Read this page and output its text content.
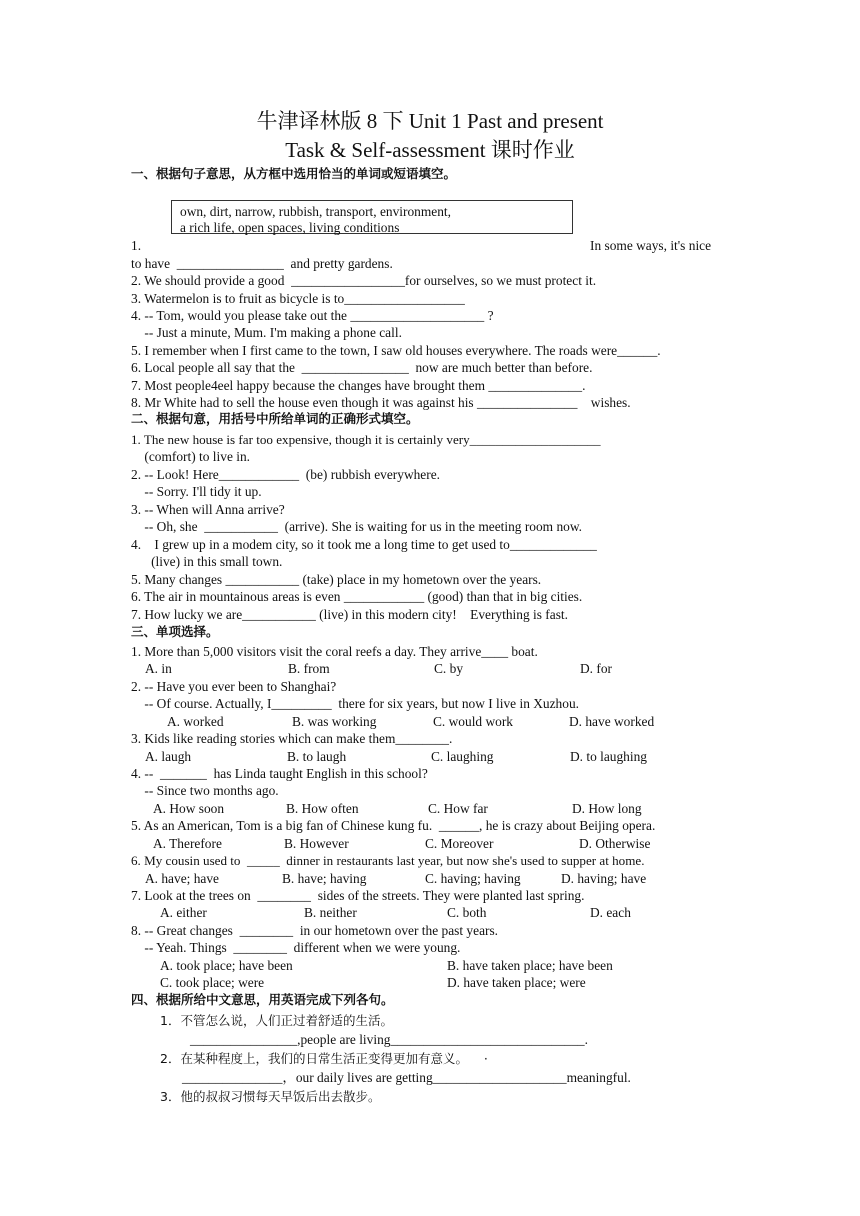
牛津译林版 8 下 Unit 1 Past and present
Task & Self-assessment 课时作业
一、根据句子意思，从方框中选用恰当的单词或短语填空。
own, dirt, narrow, rubbish, transport, environment,
a rich life, open spaces, living conditions
1.	In some ways, it's nice
to have  ________________  and pretty gardens.
2. We should provide a good  _________________for ourselves, so we must protect it.
3. Watermelon is to fruit as bicycle is to__________________
4. -- Tom, would you please take out the ____________________ ?
-- Just a minute, Mum. I'm making a phone call.
5. I remember when I first came to the town, I saw old houses everywhere. The roads were______.
6. Local people all say that the  ________________  now are much better than before.
7. Most people4eel happy because the changes have brought them ______________.
8. Mr White had to sell the house even though it was against his _______________    wishes.
二、根据句意，用括号中所给单词的正确形式填空。
1. The new house is far too expensive, though it is certainly very____________________
(comfort) to live in.
2. -- Look! Here____________  (be) rubbish everywhere.
-- Sorry. I'll tidy it up.
3. -- When will Anna arrive?
-- Oh, she  ___________  (arrive). She is waiting for us in the meeting room now.
4.    I grew up in a modem city, so it took me a long time to get used to_____________
(live) in this small town.
5. Many changes ___________ (take) place in my hometown over the years.
6. The air in mountainous areas is even ____________ (good) than that in big cities.
7. How lucky we are___________ (live) in this modern city!    Everything is fast.
三、单项选择。
1. More than 5,000 visitors visit the coral reefs a day. They arrive____ boat.
A. in	B. from	C. by	D. for
2. -- Have you ever been to Shanghai?
-- Of course. Actually, I_________  there for six years, but now I live in Xuzhou.
A. worked	B. was working	C. would work	D. have worked
3. Kids like reading stories which can make them________.
A. laugh	B. to laugh	C. laughing	D. to laughing
4. --  _______  has Linda taught English in this school?
-- Since two months ago.
A. How soon	B. How often	C. How far	D. How long
5. As an American, Tom is a big fan of Chinese kung fu.  ______, he is crazy about Beijing opera.
A. Therefore	B. However	C. Moreover	D. Otherwise
6. My cousin used to  _____  dinner in restaurants last year, but now she's used to supper at home.
A. have; have	B. have; having	C. having; having	D. having; have
7. Look at the trees on  ________  sides of the streets. They were planted last spring.
A. either	B. neither	C. both	D. each
8. -- Great changes  ________  in our hometown over the past years.
-- Yeah. Things  ________  different when we were young.
A. took place; have been	B. have taken place; have been
C. took place; were	D. have taken place; were
四、根据所给中文意思，用英语完成下列各句。
1．不管怎么说，人们正过着舒适的生活。
________________,people are living_____________________________.
2．在某种程度上，我们的日常生活正变得更加有意义。    ·
_______________，our daily lives are getting____________________meaningful.
3．他的叔叔习惯每天早饭后出去散步。
